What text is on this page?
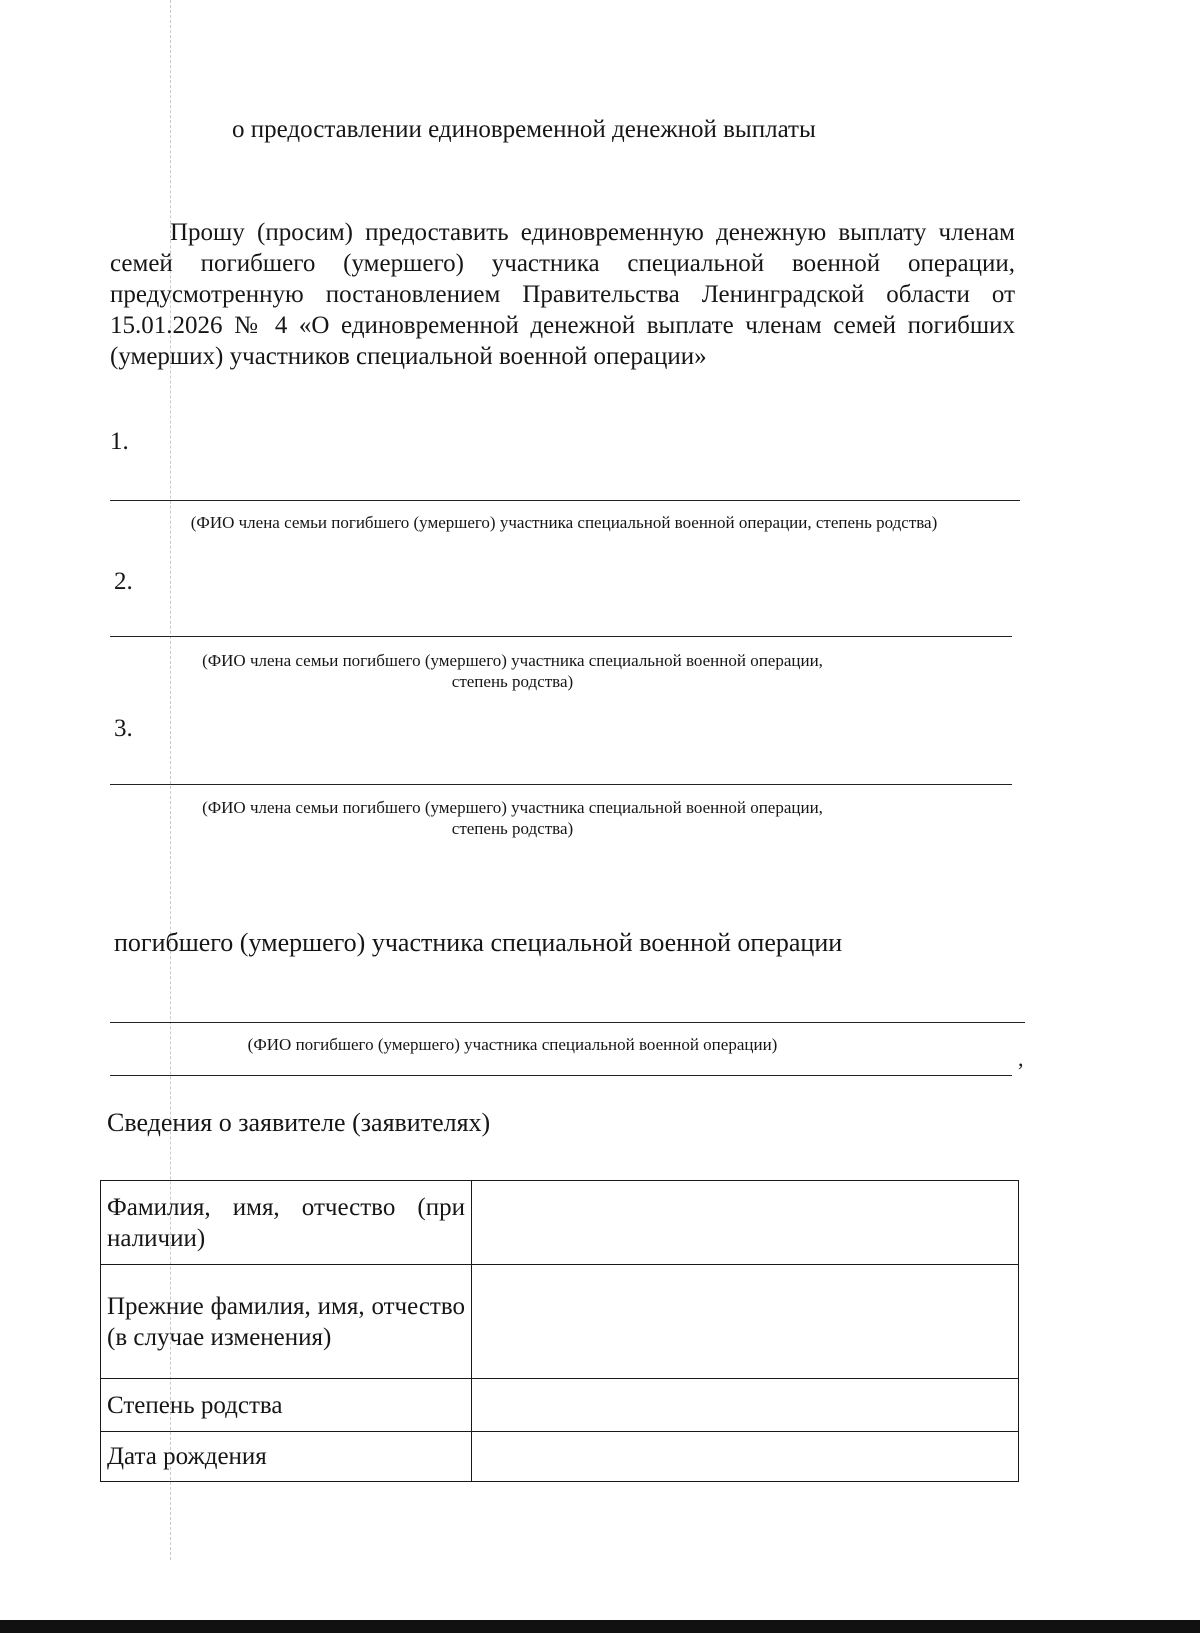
о предоставлении единовременной денежной выплаты
Прошу (просим) предоставить единовременную денежную выплату членам семей погибшего (умершего) участника специальной военной операции, предусмотренную постановлением Правительства Ленинградской области от 15.01.2026 № 4 «О единовременной денежной выплате членам семей погибших (умерших) участников специальной военной операции»
1.
(ФИО члена семьи погибшего (умершего) участника специальной военной операции, степень родства)
2.
(ФИО члена семьи погибшего (умершего) участника специальной военной операции,
степень родства)
3.
(ФИО члена семьи погибшего (умершего) участника специальной военной операции,
степень родства)
погибшего (умершего) участника специальной военной операции
(ФИО погибшего (умершего) участника специальной военной операции)
,
Сведения о заявителе (заявителях)
Фамилия, имя, отчество (при наличии)	
Прежние фамилия, имя, отчество (в случае изменения)	
Степень родства	
Дата рождения	
